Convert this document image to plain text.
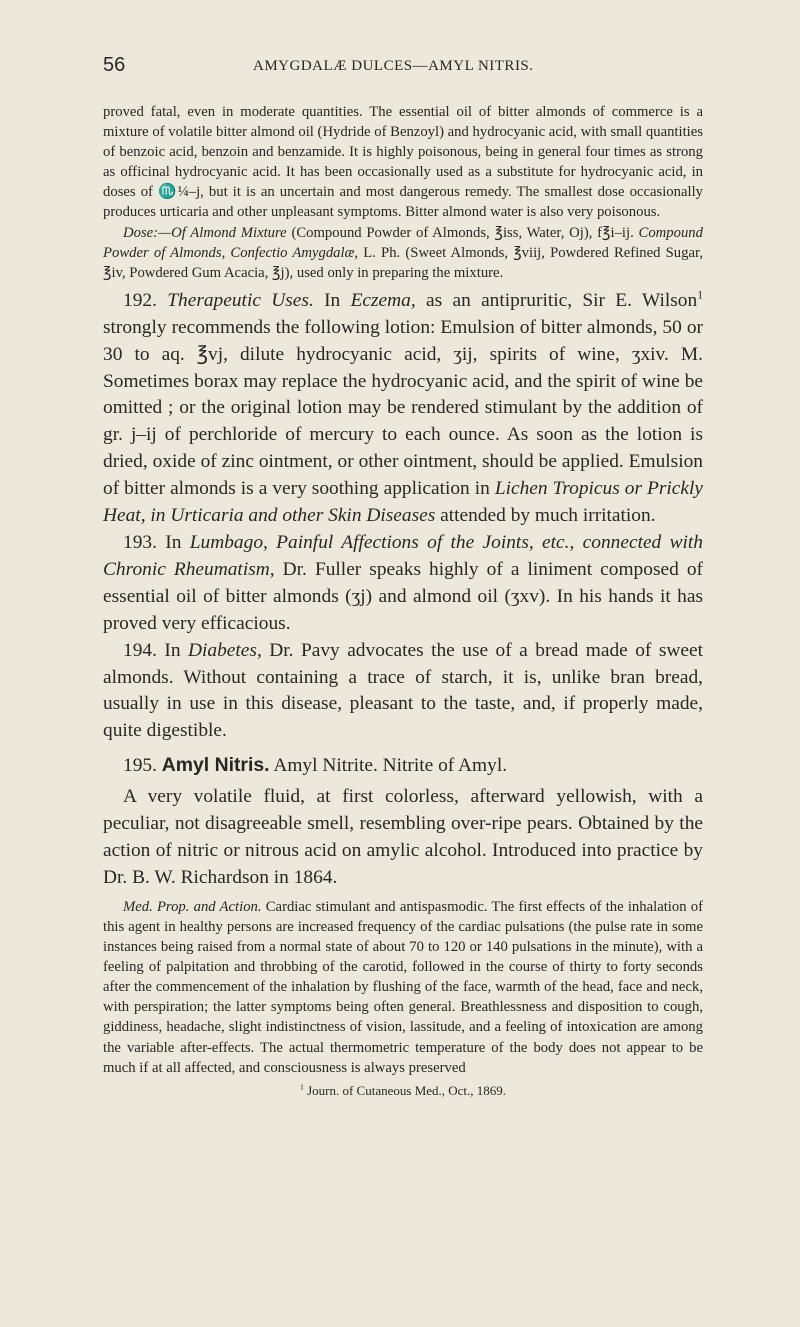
56	AMYGDALÆ DULCES—AMYL NITRIS.

proved fatal, even in moderate quantities. The essential oil of bitter almonds of commerce is a mixture of volatile bitter almond oil (Hydride of Benzoyl) and hydrocyanic acid, with small quantities of benzoic acid, benzoin and benzamide. It is highly poisonous, being in general four times as strong as officinal hydrocyanic acid. It has been occasionally used as a substitute for hydrocyanic acid, in doses of ♏¼–j, but it is an uncertain and most dangerous remedy. The smallest dose occasionally produces urticaria and other unpleasant symptoms. Bitter almond water is also very poisonous.

Dose:—Of Almond Mixture (Compound Powder of Almonds, ℥iss, Water, Oj), f℥i–ij. Compound Powder of Almonds, Confectio Amygdalæ, L. Ph. (Sweet Almonds, ℥viij, Powdered Refined Sugar, ℥iv, Powdered Gum Acacia, ℥j), used only in preparing the mixture.

192. Therapeutic Uses. In Eczema, as an antipruritic, Sir E. Wilson$^1$ strongly recommends the following lotion: Emulsion of bitter almonds, 50 or 30 to aq. ℥vj, dilute hydrocyanic acid, ʒij, spirits of wine, ʒxiv. M. Sometimes borax may replace the hydrocyanic acid, and the spirit of wine be omitted ; or the original lotion may be rendered stimulant by the addition of gr. j–ij of perchloride of mercury to each ounce. As soon as the lotion is dried, oxide of zinc ointment, or other ointment, should be applied. Emulsion of bitter almonds is a very soothing application in Lichen Tropicus or Prickly Heat, in Urticaria and other Skin Diseases attended by much irritation.

193. In Lumbago, Painful Affections of the Joints, etc., connected with Chronic Rheumatism, Dr. Fuller speaks highly of a liniment composed of essential oil of bitter almonds (ʒj) and almond oil (ʒxv). In his hands it has proved very efficacious.

194. In Diabetes, Dr. Pavy advocates the use of a bread made of sweet almonds. Without containing a trace of starch, it is, unlike bran bread, usually in use in this disease, pleasant to the taste, and, if properly made, quite digestible.

195. Amyl Nitris. Amyl Nitrite. Nitrite of Amyl.

A very volatile fluid, at first colorless, afterward yellowish, with a peculiar, not disagreeable smell, resembling over-ripe pears. Obtained by the action of nitric or nitrous acid on amylic alcohol. Introduced into practice by Dr. B. W. Richardson in 1864.

Med. Prop. and Action. Cardiac stimulant and antispasmodic. The first effects of the inhalation of this agent in healthy persons are increased frequency of the cardiac pulsations (the pulse rate in some instances being raised from a normal state of about 70 to 120 or 140 pulsations in the minute), with a feeling of palpitation and throbbing of the carotid, followed in the course of thirty to forty seconds after the commencement of the inhalation by flushing of the face, warmth of the head, face and neck, with perspiration; the latter symptoms being often general. Breathlessness and disposition to cough, giddiness, headache, slight indistinctness of vision, lassitude, and a feeling of intoxication are among the variable after-effects. The actual thermometric temperature of the body does not appear to be much if at all affected, and consciousness is always preserved

$^1$ Journ. of Cutaneous Med., Oct., 1869.
